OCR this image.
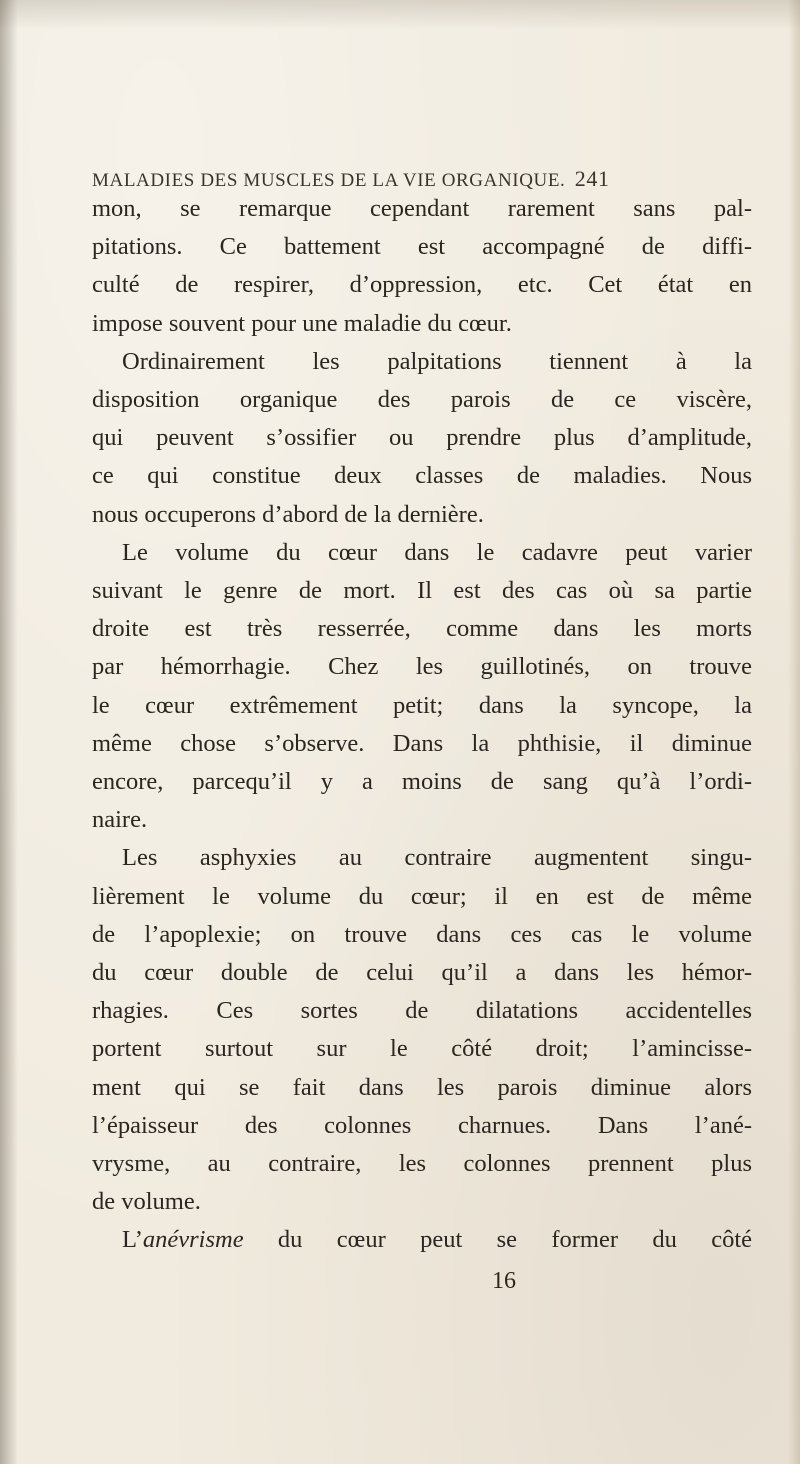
MALADIES DES MUSCLES DE LA VIE ORGANIQUE. 241
mon, se remarque cependant rarement sans pal-
pitations. Ce battement est accompagné de diffi-
culté de respirer, d’oppression, etc. Cet état en
impose souvent pour une maladie du cœur.
Ordinairement les palpitations tiennent à la
disposition organique des parois de ce viscère,
qui peuvent s’ossifier ou prendre plus d’amplitude,
ce qui constitue deux classes de maladies. Nous
nous occuperons d’abord de la dernière.
Le volume du cœur dans le cadavre peut varier
suivant le genre de mort. Il est des cas où sa partie
droite est très resserrée, comme dans les morts
par hémorrhagie. Chez les guillotinés, on trouve
le cœur extrêmement petit; dans la syncope, la
même chose s’observe. Dans la phthisie, il diminue
encore, parcequ’il y a moins de sang qu’à l’ordi-
naire.
Les asphyxies au contraire augmentent singu-
lièrement le volume du cœur; il en est de même
de l’apoplexie; on trouve dans ces cas le volume
du cœur double de celui qu’il a dans les hémor-
rhagies. Ces sortes de dilatations accidentelles
portent surtout sur le côté droit; l’amincisse-
ment qui se fait dans les parois diminue alors
l’épaisseur des colonnes charnues. Dans l’ané-
vrysme, au contraire, les colonnes prennent plus
de volume.
L’anévrisme du cœur peut se former du côté
16
